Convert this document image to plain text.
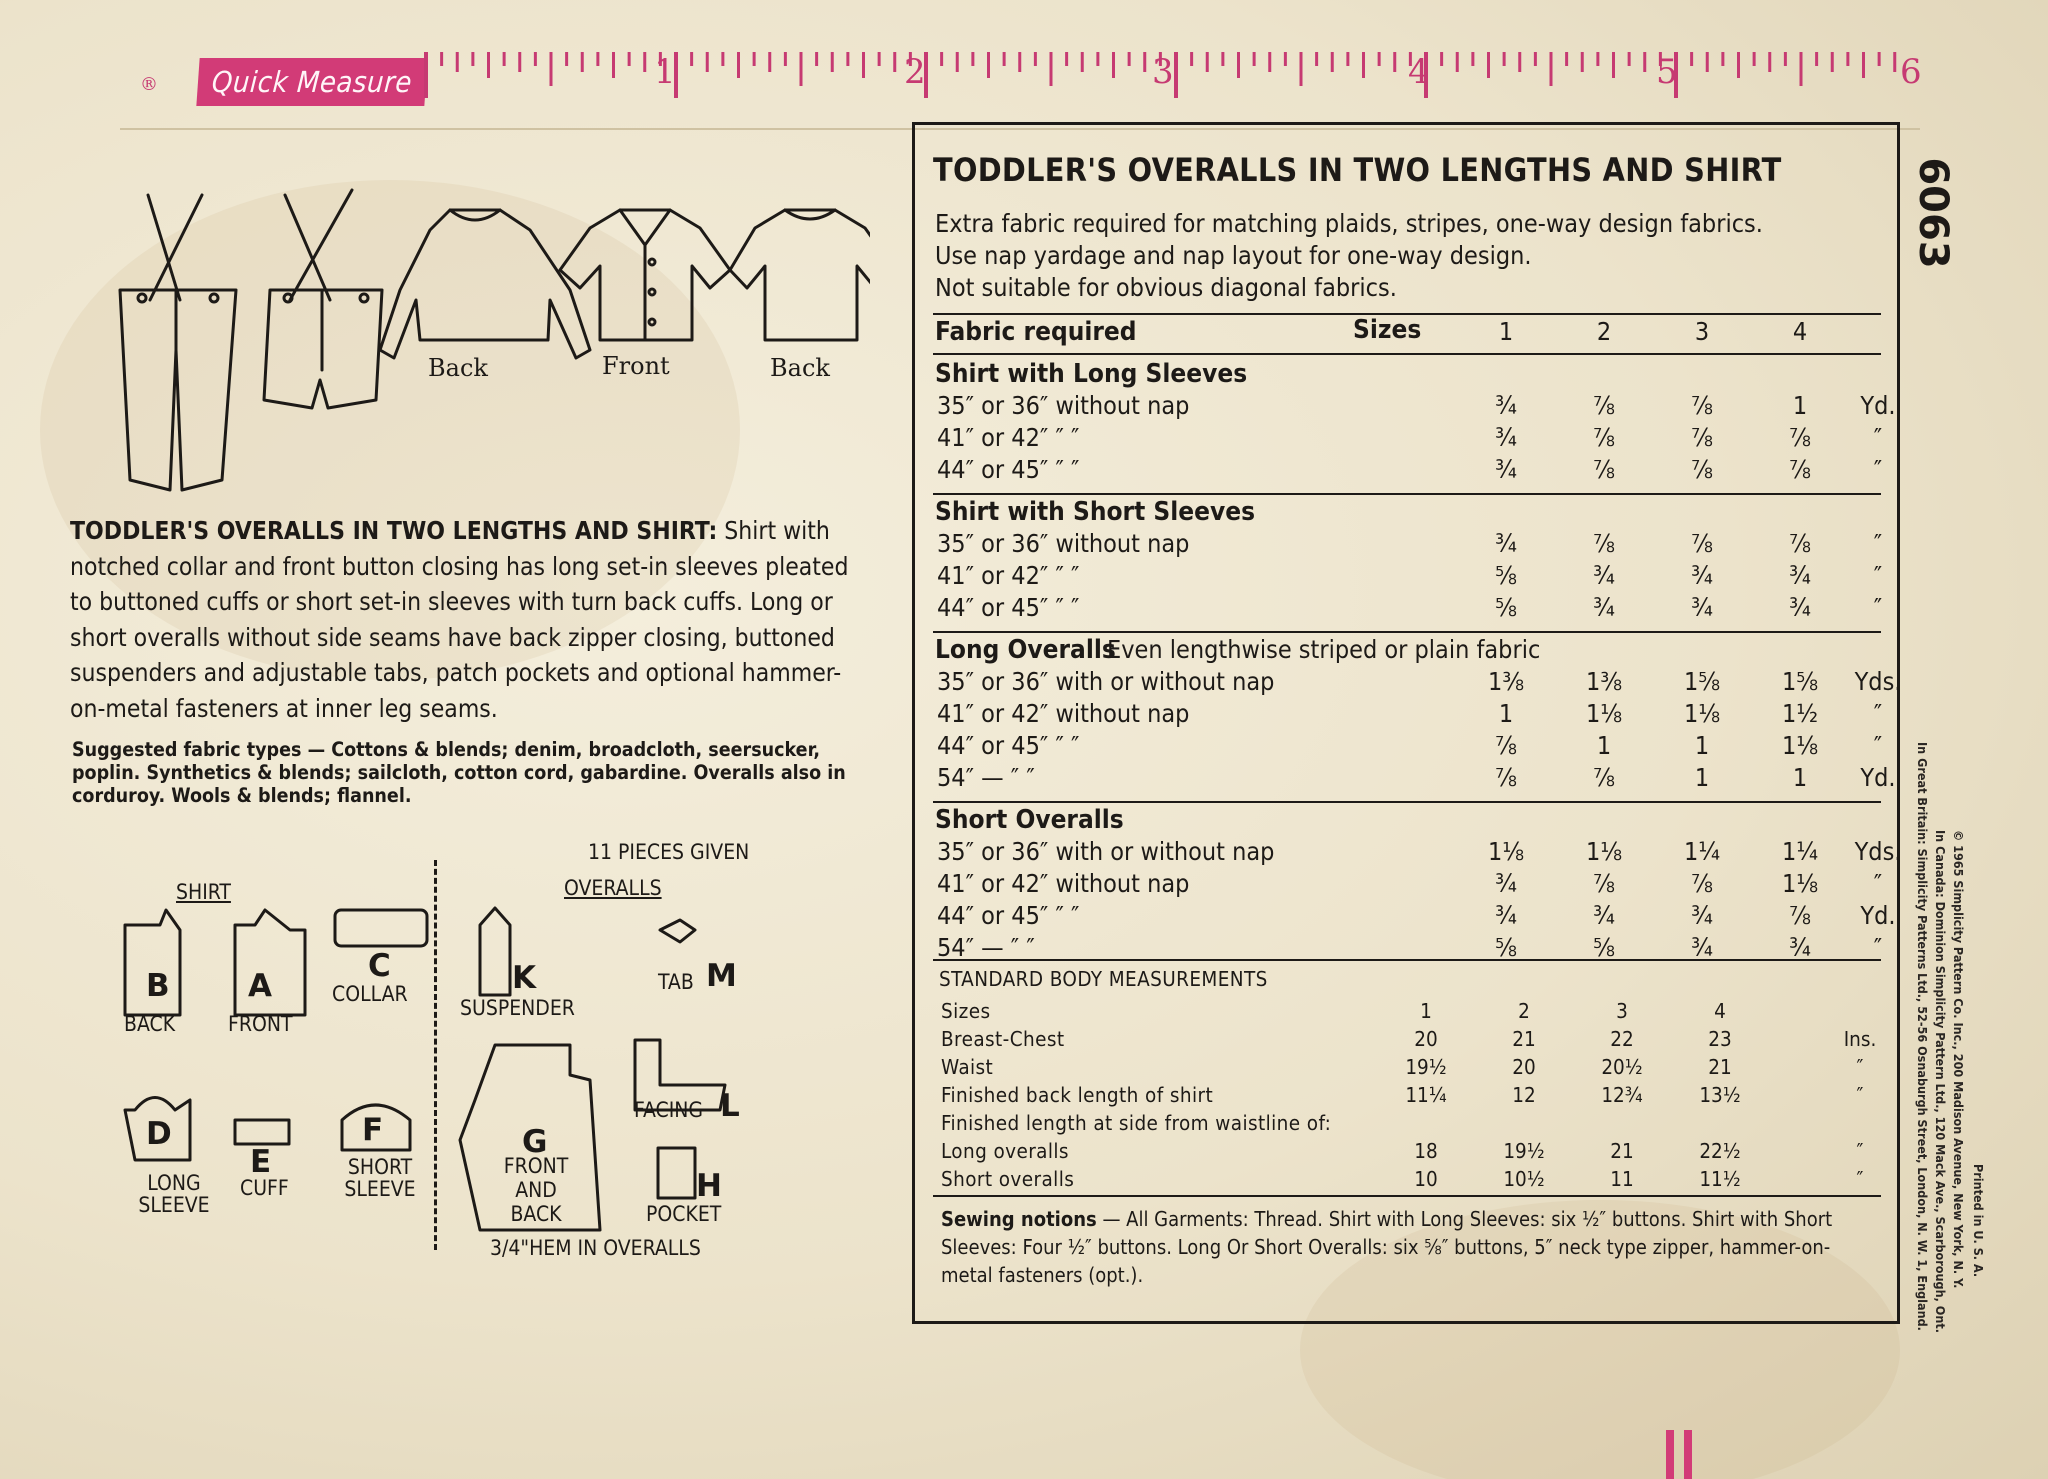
®	Quick Measure	1	2	3	4	5	6
Back	Front	Back
TODDLER'S OVERALLS IN TWO LENGTHS AND SHIRT: Shirt with notched collar and front button closing has long set-in sleeves pleated to buttoned cuffs or short set-in sleeves with turn back cuffs. Long or short overalls without side seams have back zipper closing, buttoned suspenders and adjustable tabs, patch pockets and optional hammer-on-metal fasteners at inner leg seams.
Suggested fabric types — Cottons & blends; denim, broadcloth, seersucker, poplin. Synthetics & blends; sailcloth, cotton cord, gabardine. Overalls also in corduroy. Wools & blends; flannel.
11 PIECES GIVEN
SHIRT	OVERALLS
B
BACK
A
FRONT
C
COLLAR
D
LONG SLEEVE
E
CUFF
F
SHORT SLEEVE
K
SUSPENDER
M
TAB
L
FACING
G
FRONT AND BACK
H
POCKET
3/4"HEM IN OVERALLS
TODDLER'S OVERALLS IN TWO LENGTHS AND SHIRT
Extra fabric required for matching plaids, stripes, one-way design fabrics.
Use nap yardage and nap layout for one-way design.
Not suitable for obvious diagonal fabrics.
Fabric required	Sizes	1	2	3	4
Shirt with Long Sleeves
35″ or 36″ without nap	¾	⅞	⅞	1	Yd.
41″ or 42″ ″ ″	¾	⅞	⅞	⅞	″
44″ or 45″ ″ ″	¾	⅞	⅞	⅞	″
Shirt with Short Sleeves
35″ or 36″ without nap	¾	⅞	⅞	⅞	″
41″ or 42″ ″ ″	⅝	¾	¾	¾	″
44″ or 45″ ″ ″	⅝	¾	¾	¾	″
Long Overalls
Even lengthwise striped or plain fabric
35″ or 36″ with or without nap	1⅜	1⅜	1⅝	1⅝	Yds.
41″ or 42″ without nap	1	1⅛	1⅛	1½	″
44″ or 45″ ″ ″	⅞	1	1	1⅛	″
54″ — ″ ″	⅞	⅞	1	1	Yd.
Short Overalls
35″ or 36″ with or without nap	1⅛	1⅛	1¼	1¼	Yds.
41″ or 42″ without nap	¾	⅞	⅞	1⅛	″
44″ or 45″ ″ ″	¾	¾	¾	⅞	Yd.
54″ — ″ ″	⅝	⅝	¾	¾	″
STANDARD BODY MEASUREMENTS
Sizes	1	2	3	4
Breast-Chest	20	21	22	23	Ins.
Waist	19½	20	20½	21	″
Finished back length of shirt	11¼	12	12¾	13½	″
Finished length at side from waistline of:
Long overalls	18	19½	21	22½	″
Short overalls	10	10½	11	11½	″
Sewing notions — All Garments: Thread. Shirt with Long Sleeves: six ½″ buttons. Shirt with Short Sleeves: Four ½″ buttons. Long Or Short Overalls: six ⅝″ buttons, 5″ neck type zipper, hammer-on-metal fasteners (opt.).
6063
© 1965 Simplicity Pattern Co. Inc., 200 Madison Avenue, New York, N. Y.
In Canada: Dominion Simplicity Pattern Ltd., 120 Mack Ave., Scarborough, Ont.
In Great Britain: Simplicity Patterns Ltd., 52-56 Osnaburgh Street, London, N. W. 1, England.	Printed in U. S. A.
